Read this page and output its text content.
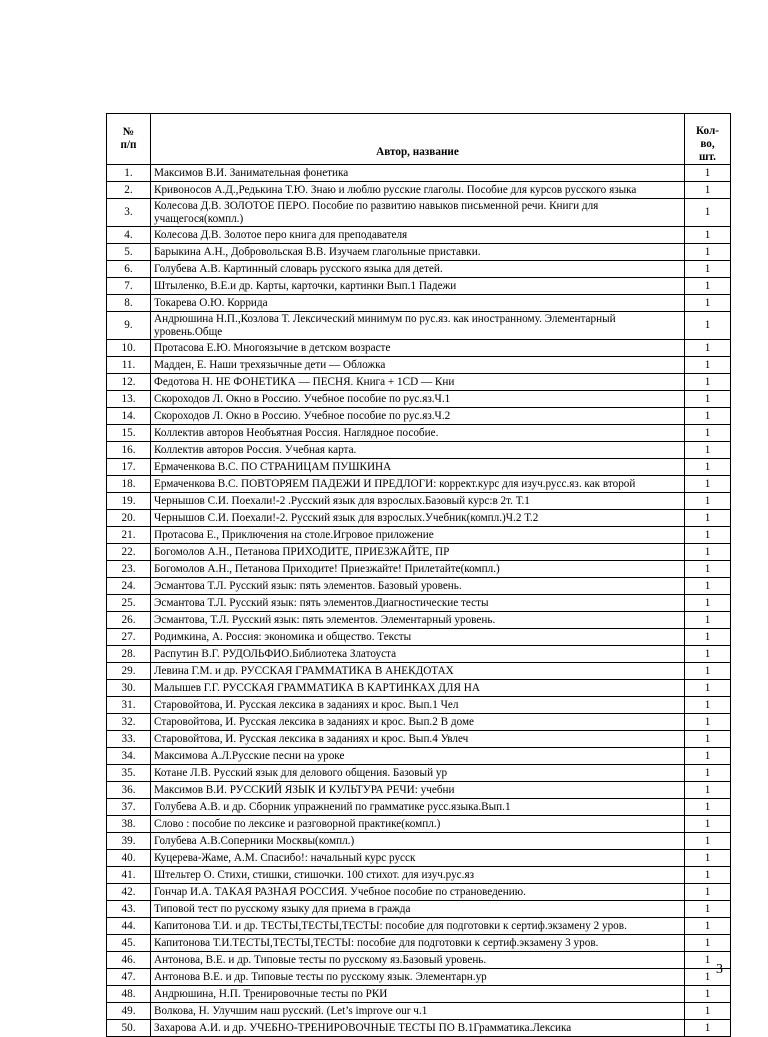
№
п/п	Автор, название	Кол-
во,
шт.
1.	Максимов В.И. Занимательная фонетика	1
2.	Кривоносов А.Д.,Редькина Т.Ю. Знаю и люблю русские глаголы. Пособие для курсов русского языка	1
3.	Колесова Д.В. ЗОЛОТОЕ ПЕРО. Пособие по развитию навыков письменной речи. Книги для учащегося(компл.)	1
4.	Колесова Д.В. Золотое перо книга для преподавателя	1
5.	Барыкина А.Н., Добровольская В.В. Изучаем глагольные приставки.	1
6.	Голубева А.В. Картинный словарь русского языка для детей.	1
7.	Штыленко, В.Е.и др. Карты, карточки, картинки Вып.1 Падежи	1
8.	Токарева О.Ю. Коррида	1
9.	Андрюшина Н.П.,Козлова Т. Лексический минимум по рус.яз. как иностранному. Элементарный уровень.Обще	1
10.	Протасова Е.Ю. Многоязычие в детском возрасте	1
11.	Мадден, Е. Наши трехязычные дети — Обложка	1
12.	Федотова Н. НЕ ФОНЕТИКА — ПЕСНЯ. Книга + 1CD — Кни	1
13.	Скороходов Л. Окно в Россию. Учебное пособие по рус.яз.Ч.1	1
14.	Скороходов Л. Окно в Россию. Учебное пособие по рус.яз.Ч.2	1
15.	Коллектив авторов Необъятная Россия. Наглядное пособие.	1
16.	Коллектив авторов Россия. Учебная карта.	1
17.	Ермаченкова В.С. ПО СТРАНИЦАМ ПУШКИНА	1
18.	Ермаченкова В.С. ПОВТОРЯЕМ ПАДЕЖИ И ПРЕДЛОГИ: коррект.курс для изуч.русс.яз. как второй	1
19.	Чернышов С.И. Поехали!-2 .Русский язык для взрослых.Базовый курс:в 2т. Т.1	1
20.	Чернышов С.И. Поехали!-2. Русский язык для взрослых.Учебник(компл.)Ч.2 Т.2	1
21.	Протасова Е., Приключения на столе.Игровое приложение	1
22.	Богомолов А.Н., Петанова ПРИХОДИТЕ, ПРИЕЗЖАЙТЕ, ПР	1
23.	Богомолов А.Н., Петанова Приходите! Приезжайте! Прилетайте(компл.)	1
24.	Эсмантова Т.Л. Русский язык: пять элементов. Базовый уровень.	1
25.	Эсмантова Т.Л. Русский язык: пять элементов.Диагностические тесты	1
26.	Эсмантова, Т.Л. Русский язык: пять элементов. Элементарный уровень.	1
27.	Родимкина, А. Россия: экономика и общество. Тексты	1
28.	Распутин В.Г. РУДОЛЬФИО.Библиотека Златоуста	1
29.	Левина Г.М. и др. РУССКАЯ ГРАММАТИКА В АНЕКДОТАХ	1
30.	Малышев Г.Г. РУССКАЯ ГРАММАТИКА В КАРТИНКАХ ДЛЯ НА	1
31.	Старовойтова, И. Русская лексика в заданиях и крос. Вып.1 Чел	1
32.	Старовойтова, И. Русская лексика в заданиях и крос. Вып.2 В доме	1
33.	Старовойтова, И. Русская лексика в заданиях и крос. Вып.4 Увлеч	1
34.	Максимова А.Л.Русские песни на уроке	1
35.	Котане Л.В. Русский язык для делового общения. Базовый ур	1
36.	Максимов В.И. РУССКИЙ ЯЗЫК И КУЛЬТУРА РЕЧИ: учебни	1
37.	Голубева А.В. и др. Сборник упражнений по грамматике русс.языка.Вып.1	1
38.	Слово : пособие по лексике и разговорной практике(компл.)	1
39.	Голубева А.В.Соперники Москвы(компл.)	1
40.	Куцерева-Жаме, А.М. Спасибо!: начальный курс русск	1
41.	Штельтер О. Стихи, стишки, стишочки. 100 стихот. для изуч.рус.яз	1
42.	Гончар И.А. ТАКАЯ РАЗНАЯ РОССИЯ. Учебное пособие по страноведению.	1
43.	Типовой тест по русскому языку для приема в гражда	1
44.	Капитонова Т.И. и др. ТЕСТЫ,ТЕСТЫ,ТЕСТЫ: пособие для подготовки к сертиф.экзамену 2 уров.	1
45.	Капитонова Т.И.ТЕСТЫ,ТЕСТЫ,ТЕСТЫ: пособие для подготовки к сертиф.экзамену 3 уров.	1
46.	Антонова, В.Е. и др. Типовые тесты по русскому яз.Базовый уровень.	1
47.	Антонова В.Е. и др. Типовые тесты по русскому язык. Элементарн.ур	1
48.	Андрюшина, Н.П. Тренировочные тесты по РКИ	1
49.	Волкова, Н. Улучшим наш русский. (Let’s improve our ч.1	1
50.	Захарова А.И. и др. УЧЕБНО-ТРЕНИРОВОЧНЫЕ ТЕСТЫ ПО В.1Грамматика.Лексика	1
3
